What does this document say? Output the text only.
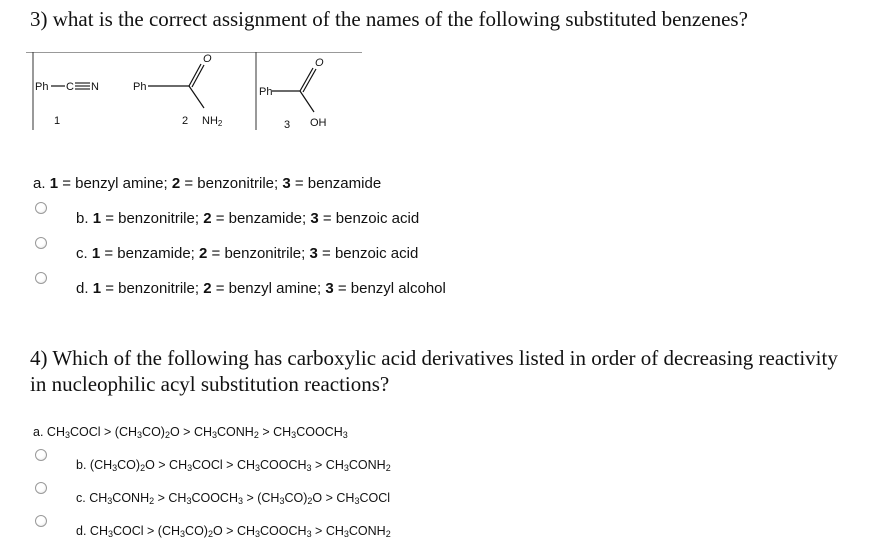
3) what is the correct assignment of the names of the following substituted benzenes?
Ph C N
1
Ph
O
NH2
2
Ph
O
OH
3
a. 1 = benzyl amine; 2 = benzonitrile; 3 = benzamide
b. 1 = benzonitrile; 2 = benzamide; 3 = benzoic acid
c. 1 = benzamide; 2 = benzonitrile; 3 = benzoic acid
d. 1 = benzonitrile; 2 = benzyl amine; 3 = benzyl alcohol
4) Which of the following has carboxylic acid derivatives listed in order of decreasing reactivity
in nucleophilic acyl substitution reactions?
a. $CH_3COCl > (CH_3CO)_2O$ > $CH_3CONH_2$ > $CH_3COOCH_3$
b. $(CH_3CO)_2O$ > $CH_3COCl$ > $CH_3COOCH_3$ > $CH_3CONH_2$
c. $CH_3CONH_2$ > $CH_3COOCH_3 > (CH_3CO)_2O$ > $CH_3COCl$
d. $CH_3COCl > (CH_3CO)_2O$ > $CH_3COOCH_3$ > $CH_3CONH_2$
